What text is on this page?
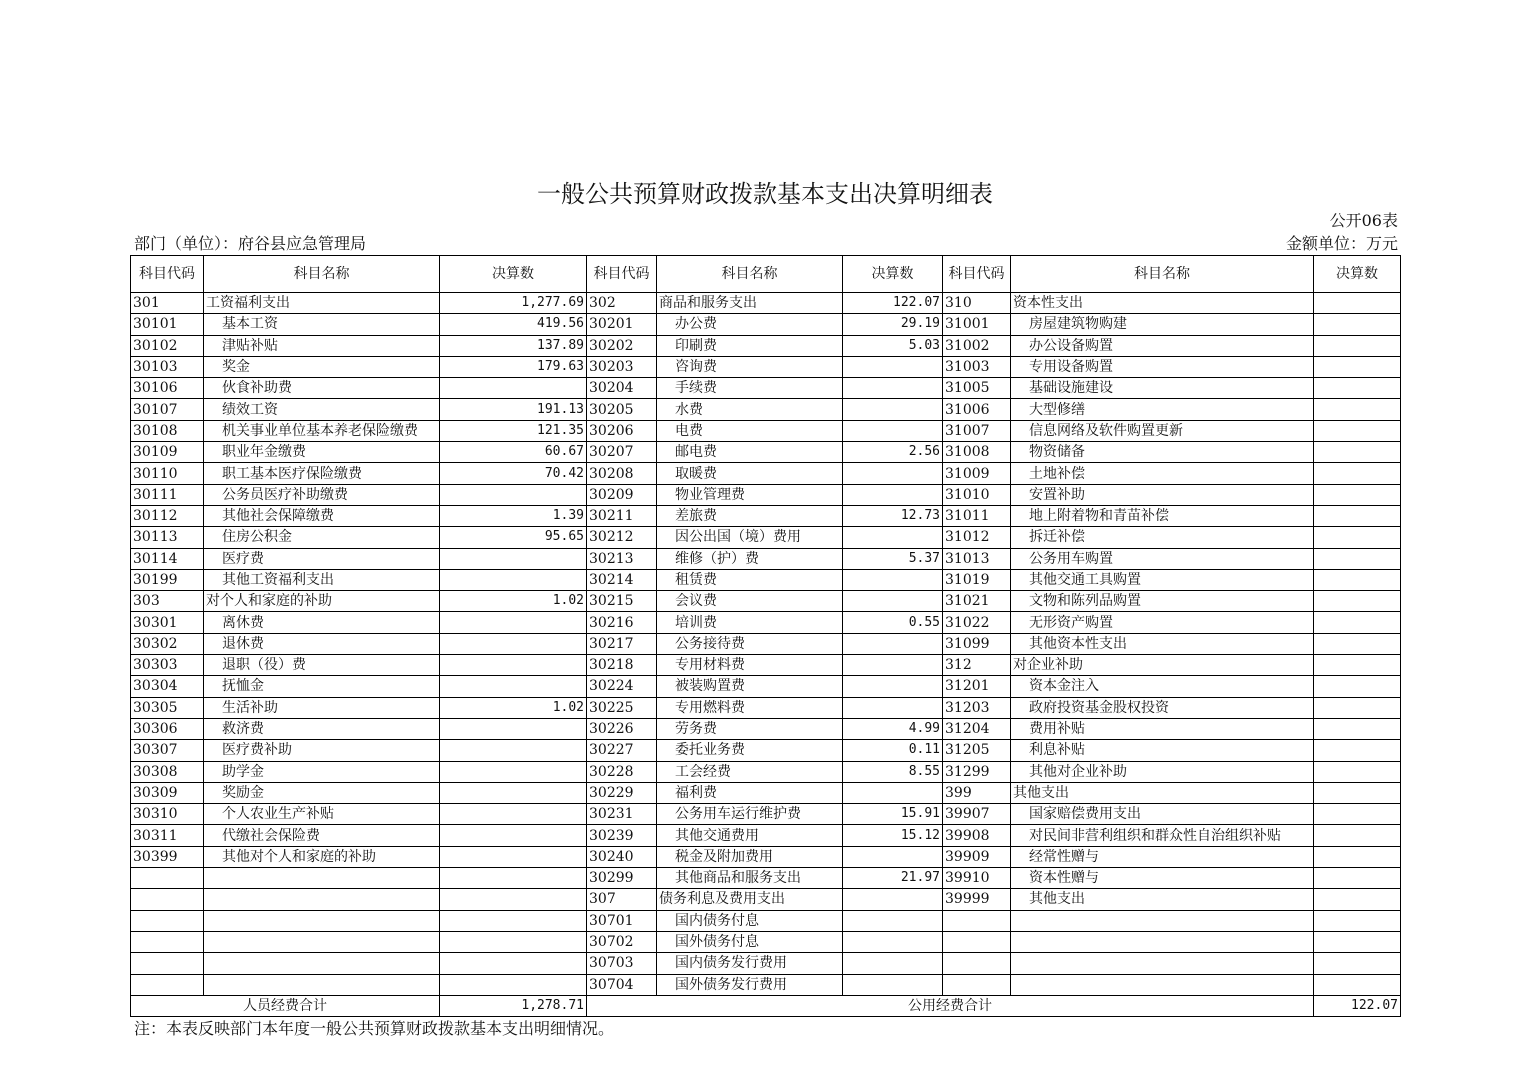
一般公共预算财政拨款基本支出决算明细表
公开06表
部门（单位）：府谷县应急管理局	金额单位：万元
科目代码	科目名称	决算数	科目代码	科目名称	决算数	科目代码	科目名称	决算数
301	工资福利支出	1,277.69	302	商品和服务支出	122.07	310	资本性支出	
30101	基本工资	419.56	30201	办公费	29.19	31001	房屋建筑物购建	
30102	津贴补贴	137.89	30202	印刷费	5.03	31002	办公设备购置	
30103	奖金	179.63	30203	咨询费		31003	专用设备购置	
30106	伙食补助费		30204	手续费		31005	基础设施建设	
30107	绩效工资	191.13	30205	水费		31006	大型修缮	
30108	机关事业单位基本养老保险缴费	121.35	30206	电费		31007	信息网络及软件购置更新	
30109	职业年金缴费	60.67	30207	邮电费	2.56	31008	物资储备	
30110	职工基本医疗保险缴费	70.42	30208	取暖费		31009	土地补偿	
30111	公务员医疗补助缴费		30209	物业管理费		31010	安置补助	
30112	其他社会保障缴费	1.39	30211	差旅费	12.73	31011	地上附着物和青苗补偿	
30113	住房公积金	95.65	30212	因公出国（境）费用		31012	拆迁补偿	
30114	医疗费		30213	维修（护）费	5.37	31013	公务用车购置	
30199	其他工资福利支出		30214	租赁费		31019	其他交通工具购置	
303	对个人和家庭的补助	1.02	30215	会议费		31021	文物和陈列品购置	
30301	离休费		30216	培训费	0.55	31022	无形资产购置	
30302	退休费		30217	公务接待费		31099	其他资本性支出	
30303	退职（役）费		30218	专用材料费		312	对企业补助	
30304	抚恤金		30224	被装购置费		31201	资本金注入	
30305	生活补助	1.02	30225	专用燃料费		31203	政府投资基金股权投资	
30306	救济费		30226	劳务费	4.99	31204	费用补贴	
30307	医疗费补助		30227	委托业务费	0.11	31205	利息补贴	
30308	助学金		30228	工会经费	8.55	31299	其他对企业补助	
30309	奖励金		30229	福利费		399	其他支出	
30310	个人农业生产补贴		30231	公务用车运行维护费	15.91	39907	国家赔偿费用支出	
30311	代缴社会保险费		30239	其他交通费用	15.12	39908	对民间非营利组织和群众性自治组织补贴	
30399	其他对个人和家庭的补助		30240	税金及附加费用		39909	经常性赠与	
			30299	其他商品和服务支出	21.97	39910	资本性赠与	
			307	债务利息及费用支出		39999	其他支出	
			30701	国内债务付息				
			30702	国外债务付息				
			30703	国内债务发行费用				
			30704	国外债务发行费用				
人员经费合计		1,278.71	公用经费合计					122.07
注：本表反映部门本年度一般公共预算财政拨款基本支出明细情况。
